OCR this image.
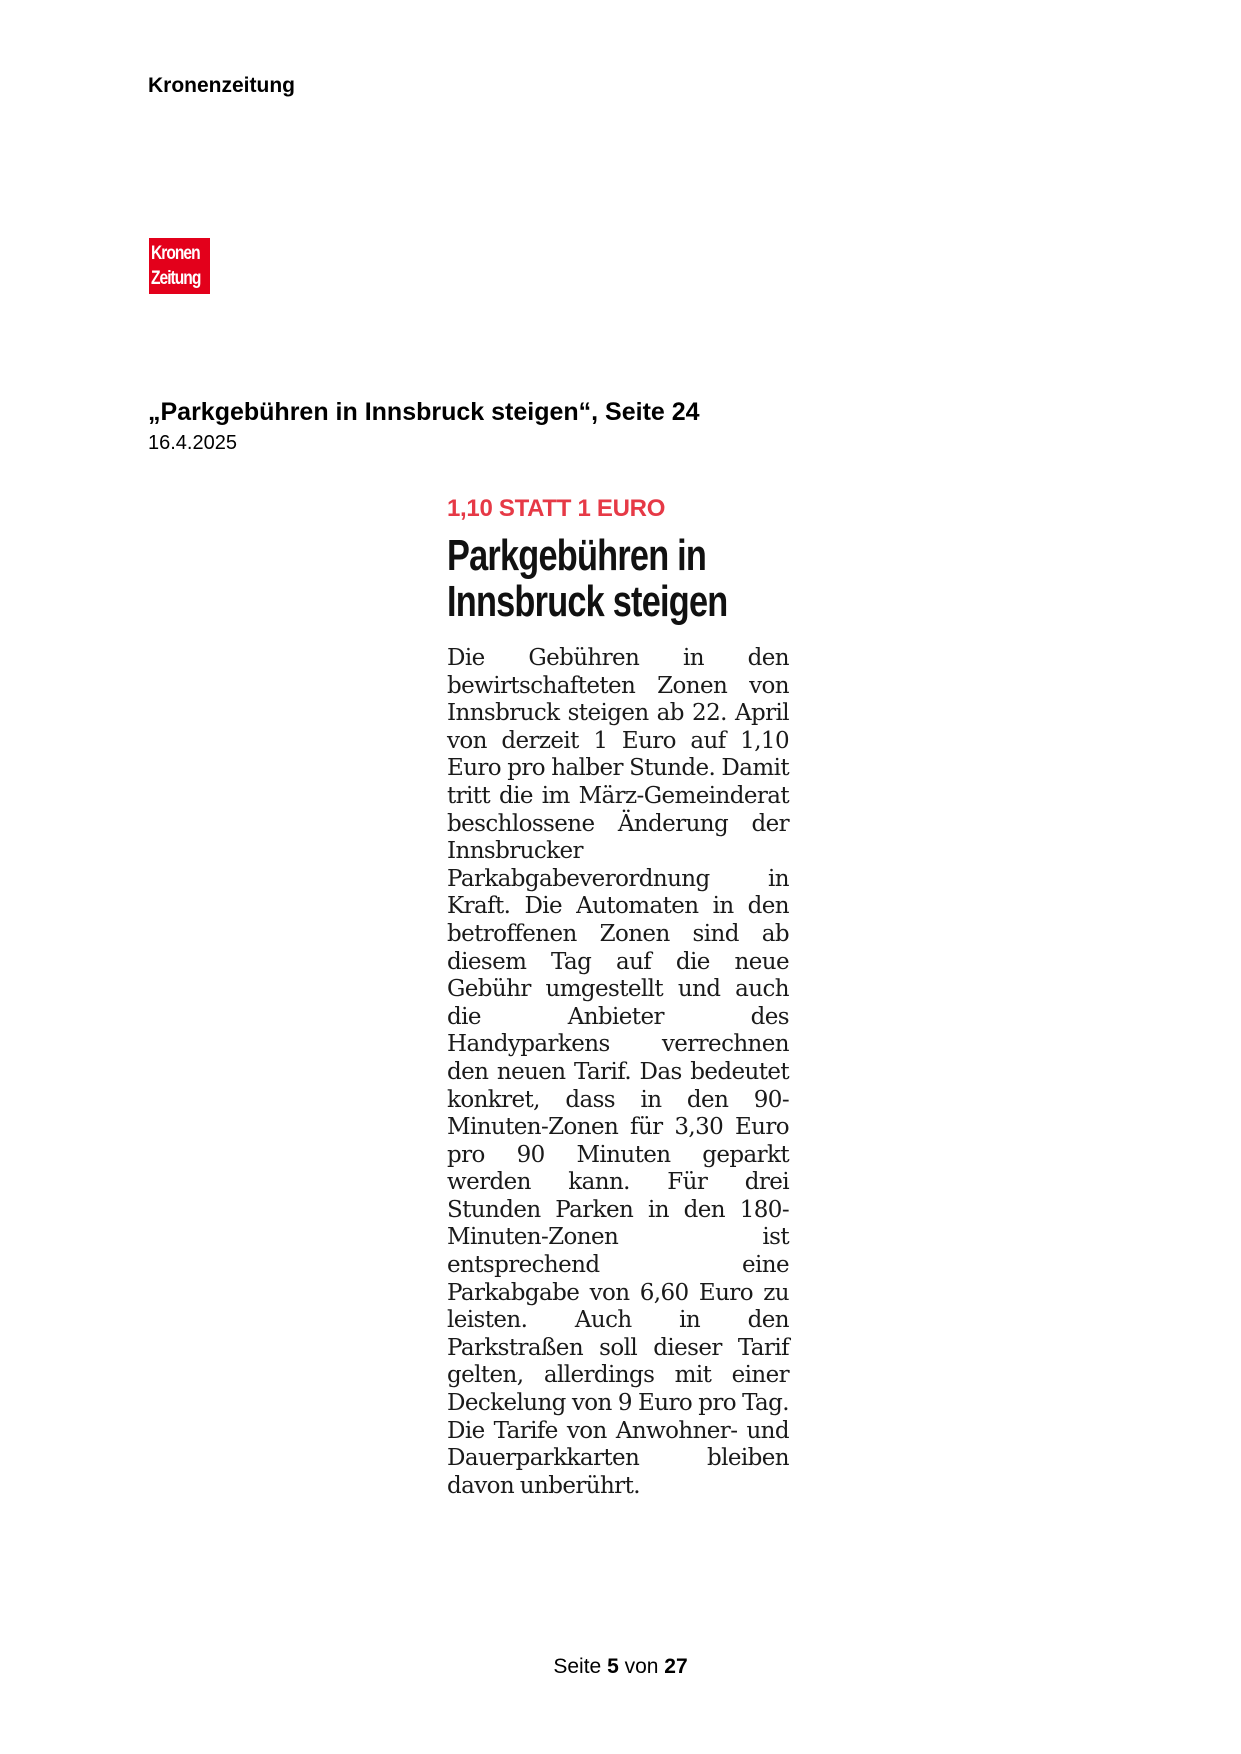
Kronenzeitung
Kronen
Zeitung
„Parkgebühren in Innsbruck steigen“, Seite 24
16.4.2025
1,10 STATT 1 EURO
Parkgebühren in Innsbruck steigen

Die Gebühren in den bewirtschafteten Zonen von Innsbruck steigen ab 22. April von derzeit 1 Euro auf 1,10 Euro pro halber Stunde. Damit tritt die im März-Gemeinderat beschlossene Änderung der Innsbrucker Parkabgabeverordnung in Kraft. Die Automaten in den betroffenen Zonen sind ab diesem Tag auf die neue Gebühr umgestellt und auch die Anbieter des Handyparkens verrechnen den neuen Tarif. Das bedeutet konkret, dass in den 90-Minuten-Zonen für 3,30 Euro pro 90 Minuten geparkt werden kann. Für drei Stunden Parken in den 180-Minuten-Zonen ist entsprechend eine Parkabgabe von 6,60 Euro zu leisten. Auch in den Parkstraßen soll dieser Tarif gelten, allerdings mit einer Deckelung von 9 Euro pro Tag. Die Tarife von Anwohner- und Dauerparkkarten bleiben davon unberührt.

Seite 5 von 27
